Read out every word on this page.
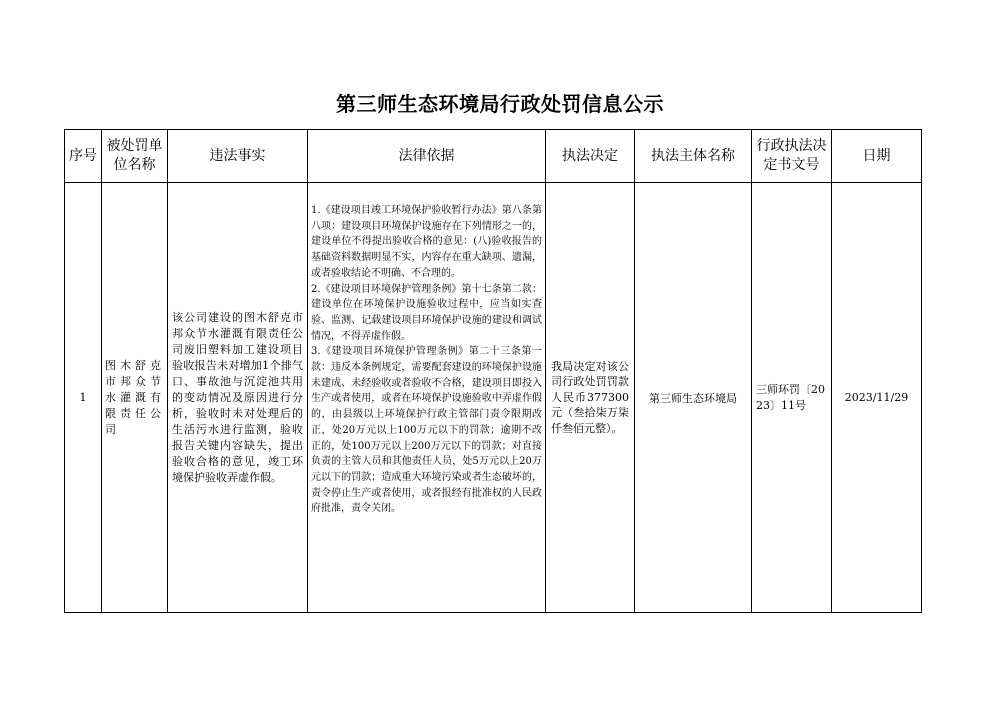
第三师生态环境局行政处罚信息公示
序号	被处罚单位名称	违法事实	法律依据	执法决定	执法主体名称	行政执法决定书文号	日期
1	图木舒克市邦众节水灌溉有限责任公司	该公司建设的图木舒克市邦众节水灌溉有限责任公司废旧塑料加工建设项目验收报告未对增加1个排气口、事故池与沉淀池共用的变动情况及原因进行分析，验收时未对处理后的生活污水进行监测，验收报告关键内容缺失，提出验收合格的意见，竣工环境保护验收弄虚作假。	1.《建设项目竣工环境保护验收暂行办法》第八条第八项：建设项目环境保护设施存在下列情形之一的，建设单位不得提出验收合格的意见：(八)验收报告的基础资料数据明显不实，内容存在重大缺项、遗漏，或者验收结论不明确、不合理的。
2.《建设项目环境保护管理条例》第十七条第二款：建设单位在环境保护设施验收过程中，应当如实查验、监测、记载建设项目环境保护设施的建设和调试情况，不得弄虚作假。
3.《建设项目环境保护管理条例》第二十三条第一款：违反本条例规定，需要配套建设的环境保护设施未建成、未经验收或者验收不合格，建设项目即投入生产或者使用，或者在环境保护设施验收中弄虚作假的，由县级以上环境保护行政主管部门责令限期改正，处20万元以上100万元以下的罚款；逾期不改正的，处100万元以上200万元以下的罚款；对直接负责的主管人员和其他责任人员，处5万元以上20万元以下的罚款；造成重大环境污染或者生态破坏的，责令停止生产或者使用，或者报经有批准权的人民政府批准，责令关闭。	我局决定对该公司行政处罚罚款人民币377300元（叁拾柒万柒仟叁佰元整）。	第三师生态环境局	三师环罚〔2023〕11号	2023/11/29
